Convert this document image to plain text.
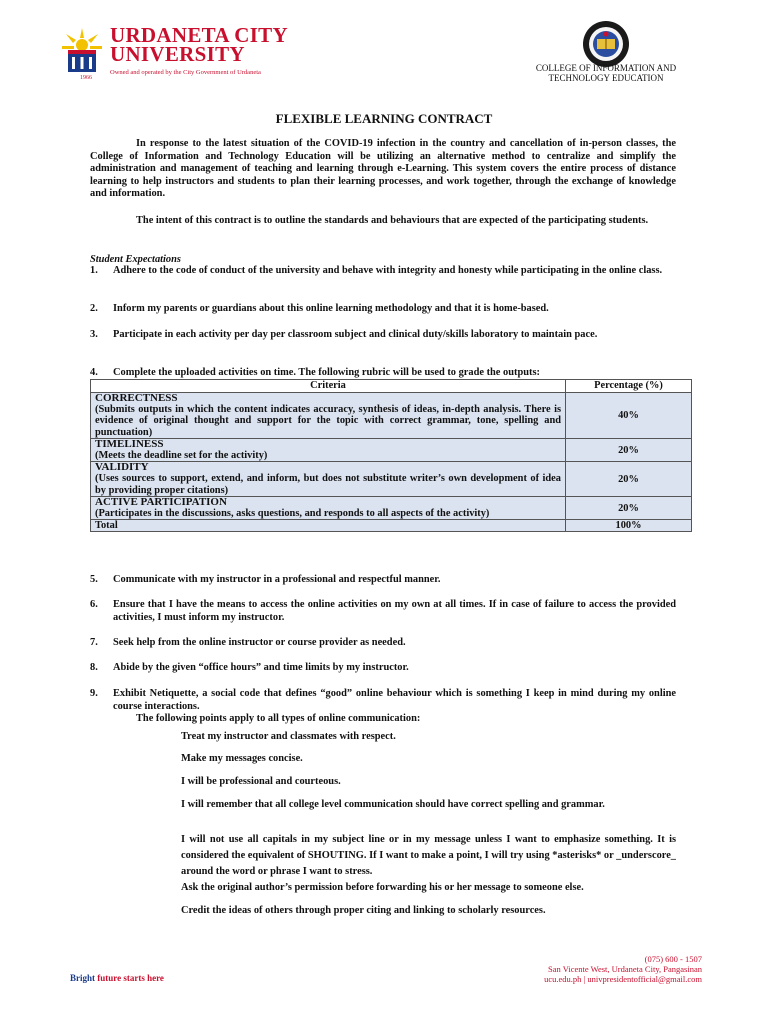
URDANETA CITY
UNIVERSITY
1966
Owned and operated by the City Government of Urdaneta	COLLEGE OF INFORMATION AND
TECHNOLOGY EDUCATION
FLEXIBLE LEARNING CONTRACT
In response to the latest situation of the COVID-19 infection in the country and cancellation of in-person classes, the College of Information and Technology Education will be utilizing an alternative method to centralize and simplify the administration and management of teaching and learning through e-Learning. This system covers the entire process of distance learning to help instructors and students to plan their learning processes, and work together, through the exchange of knowledge and information.
The intent of this contract is to outline the standards and behaviours that are expected of the participating students.
Student Expectations
1.	Adhere to the code of conduct of the university and behave with integrity and honesty while participating in the online class.
2.	Inform my parents or guardians about this online learning methodology and that it is home-based.
3.	Participate in each activity per day per classroom subject and clinical duty/skills laboratory to maintain pace.
4.	Complete the uploaded activities on time. The following rubric will be used to grade the outputs:
Criteria	Percentage (%)

CORRECTNESS
(Submits outputs in which the content indicates accuracy, synthesis of ideas, in-depth analysis. There is evidence of original thought and support for the topic with correct grammar, tone, spelling and punctuation)	40%

TIMELINESS
(Meets the deadline set for the activity)	20%

VALIDITY
(Uses sources to support, extend, and inform, but does not substitute writer’s own development of idea by providing proper citations)	20%

ACTIVE PARTICIPATION
(Participates in the discussions, asks questions, and responds to all aspects of the activity)	20%
Total	100%
5.	Communicate with my instructor in a professional and respectful manner.
6.	Ensure that I have the means to access the online activities on my own at all times. If in case of failure to access the provided activities, I must inform my instructor.
7.	Seek help from the online instructor or course provider as needed.
8.	Abide by the given “office hours” and time limits by my instructor.
9.	Exhibit Netiquette, a social code that defines “good” online behaviour which is something I keep in mind during my online course interactions.
The following points apply to all types of online communication:
Treat my instructor and classmates with respect.
Make my messages concise.
I will be professional and courteous.
I will remember that all college level communication should have correct spelling and grammar.
I will not use all capitals in my subject line or in my message unless I want to emphasize something. It is considered the equivalent of SHOUTING. If I want to make a point, I will try using *asterisks* or _underscore_ around the word or phrase I want to stress.
Ask the original author’s permission before forwarding his or her message to someone else.
Credit the ideas of others through proper citing and linking to scholarly resources.
Bright future starts here
(075) 600 - 1507
San Vicente West, Urdaneta City, Pangasinan
ucu.edu.ph | univpresidentofficial@gmail.com
